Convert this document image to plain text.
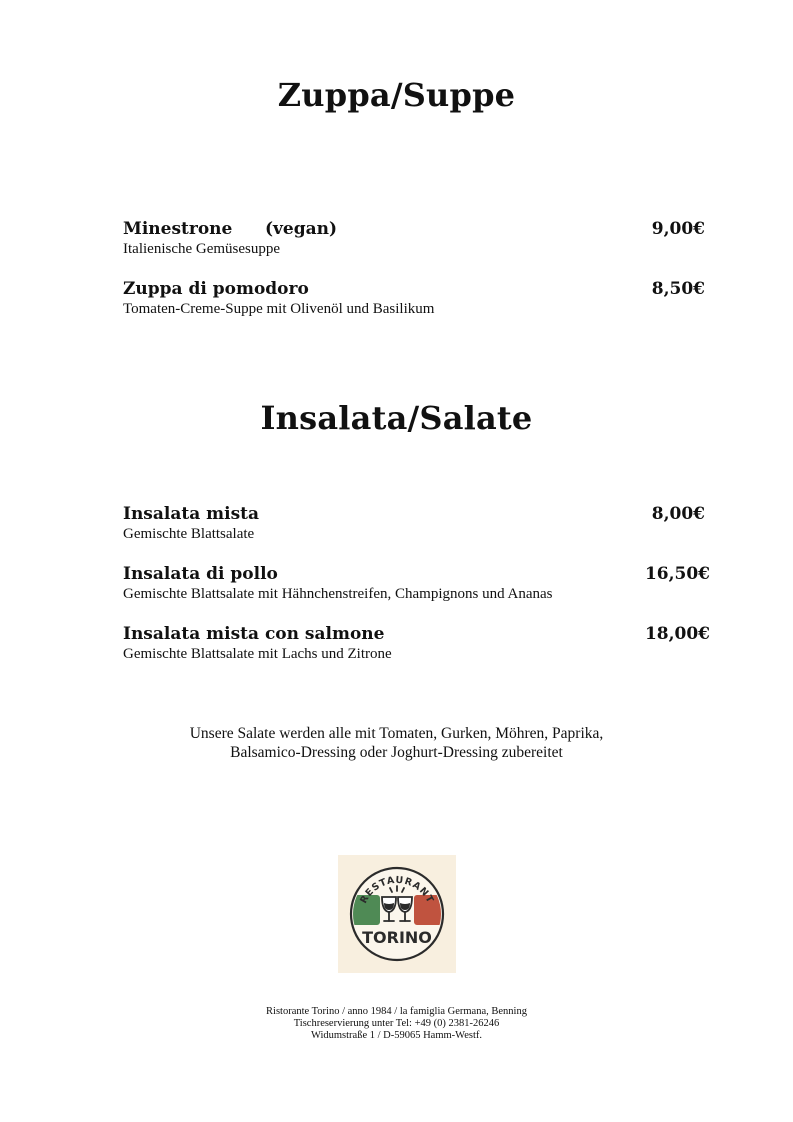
Zuppa/Suppe
Minestrone (vegan)	9,00€
Italienische Gemüsesuppe
Zuppa di pomodoro	8,50€
Tomaten-Creme-Suppe mit Olivenöl und Basilikum
Insalata/Salate
Insalata mista	8,00€
Gemischte Blattsalate
Insalata di pollo	16,50€
Gemischte Blattsalate mit Hähnchenstreifen, Champignons und Ananas
Insalata mista con salmone	18,00€
Gemischte Blattsalate mit Lachs und Zitrone
Unsere Salate werden alle mit Tomaten, Gurken, Möhren, Paprika,
Balsamico-Dressing oder Joghurt-Dressing zubereitet
RESTAURANT
TORINO
Ristorante Torino / anno 1984 / la famiglia Germana, Benning
Tischreservierung unter Tel: +49 (0) 2381-26246
Widumstraße 1 / D-59065 Hamm-Westf.
